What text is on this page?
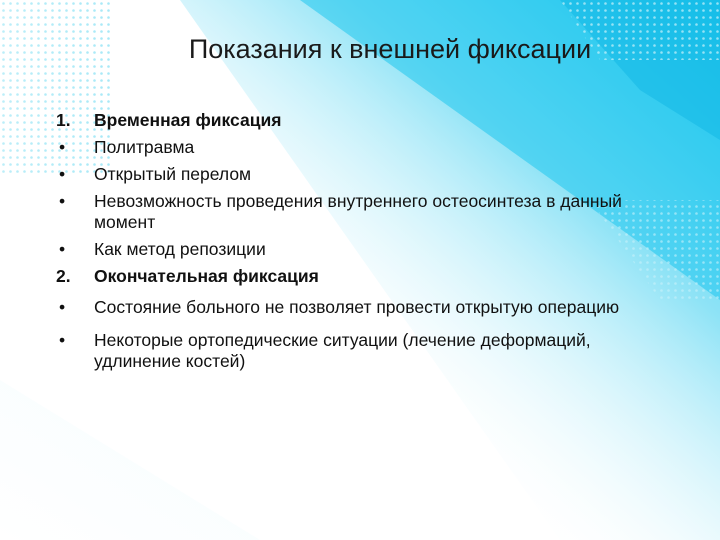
Показания к внешней фиксации
1.	Временная фиксация
•	Политравма
•	Открытый перелом
•	Невозможность проведения внутреннего остеосинтеза в данный момент
•	Как метод репозиции
2.	Окончательная фиксация
•	Состояние больного не позволяет провести открытую операцию
•	Некоторые ортопедические ситуации (лечение деформаций, удлинение костей)
